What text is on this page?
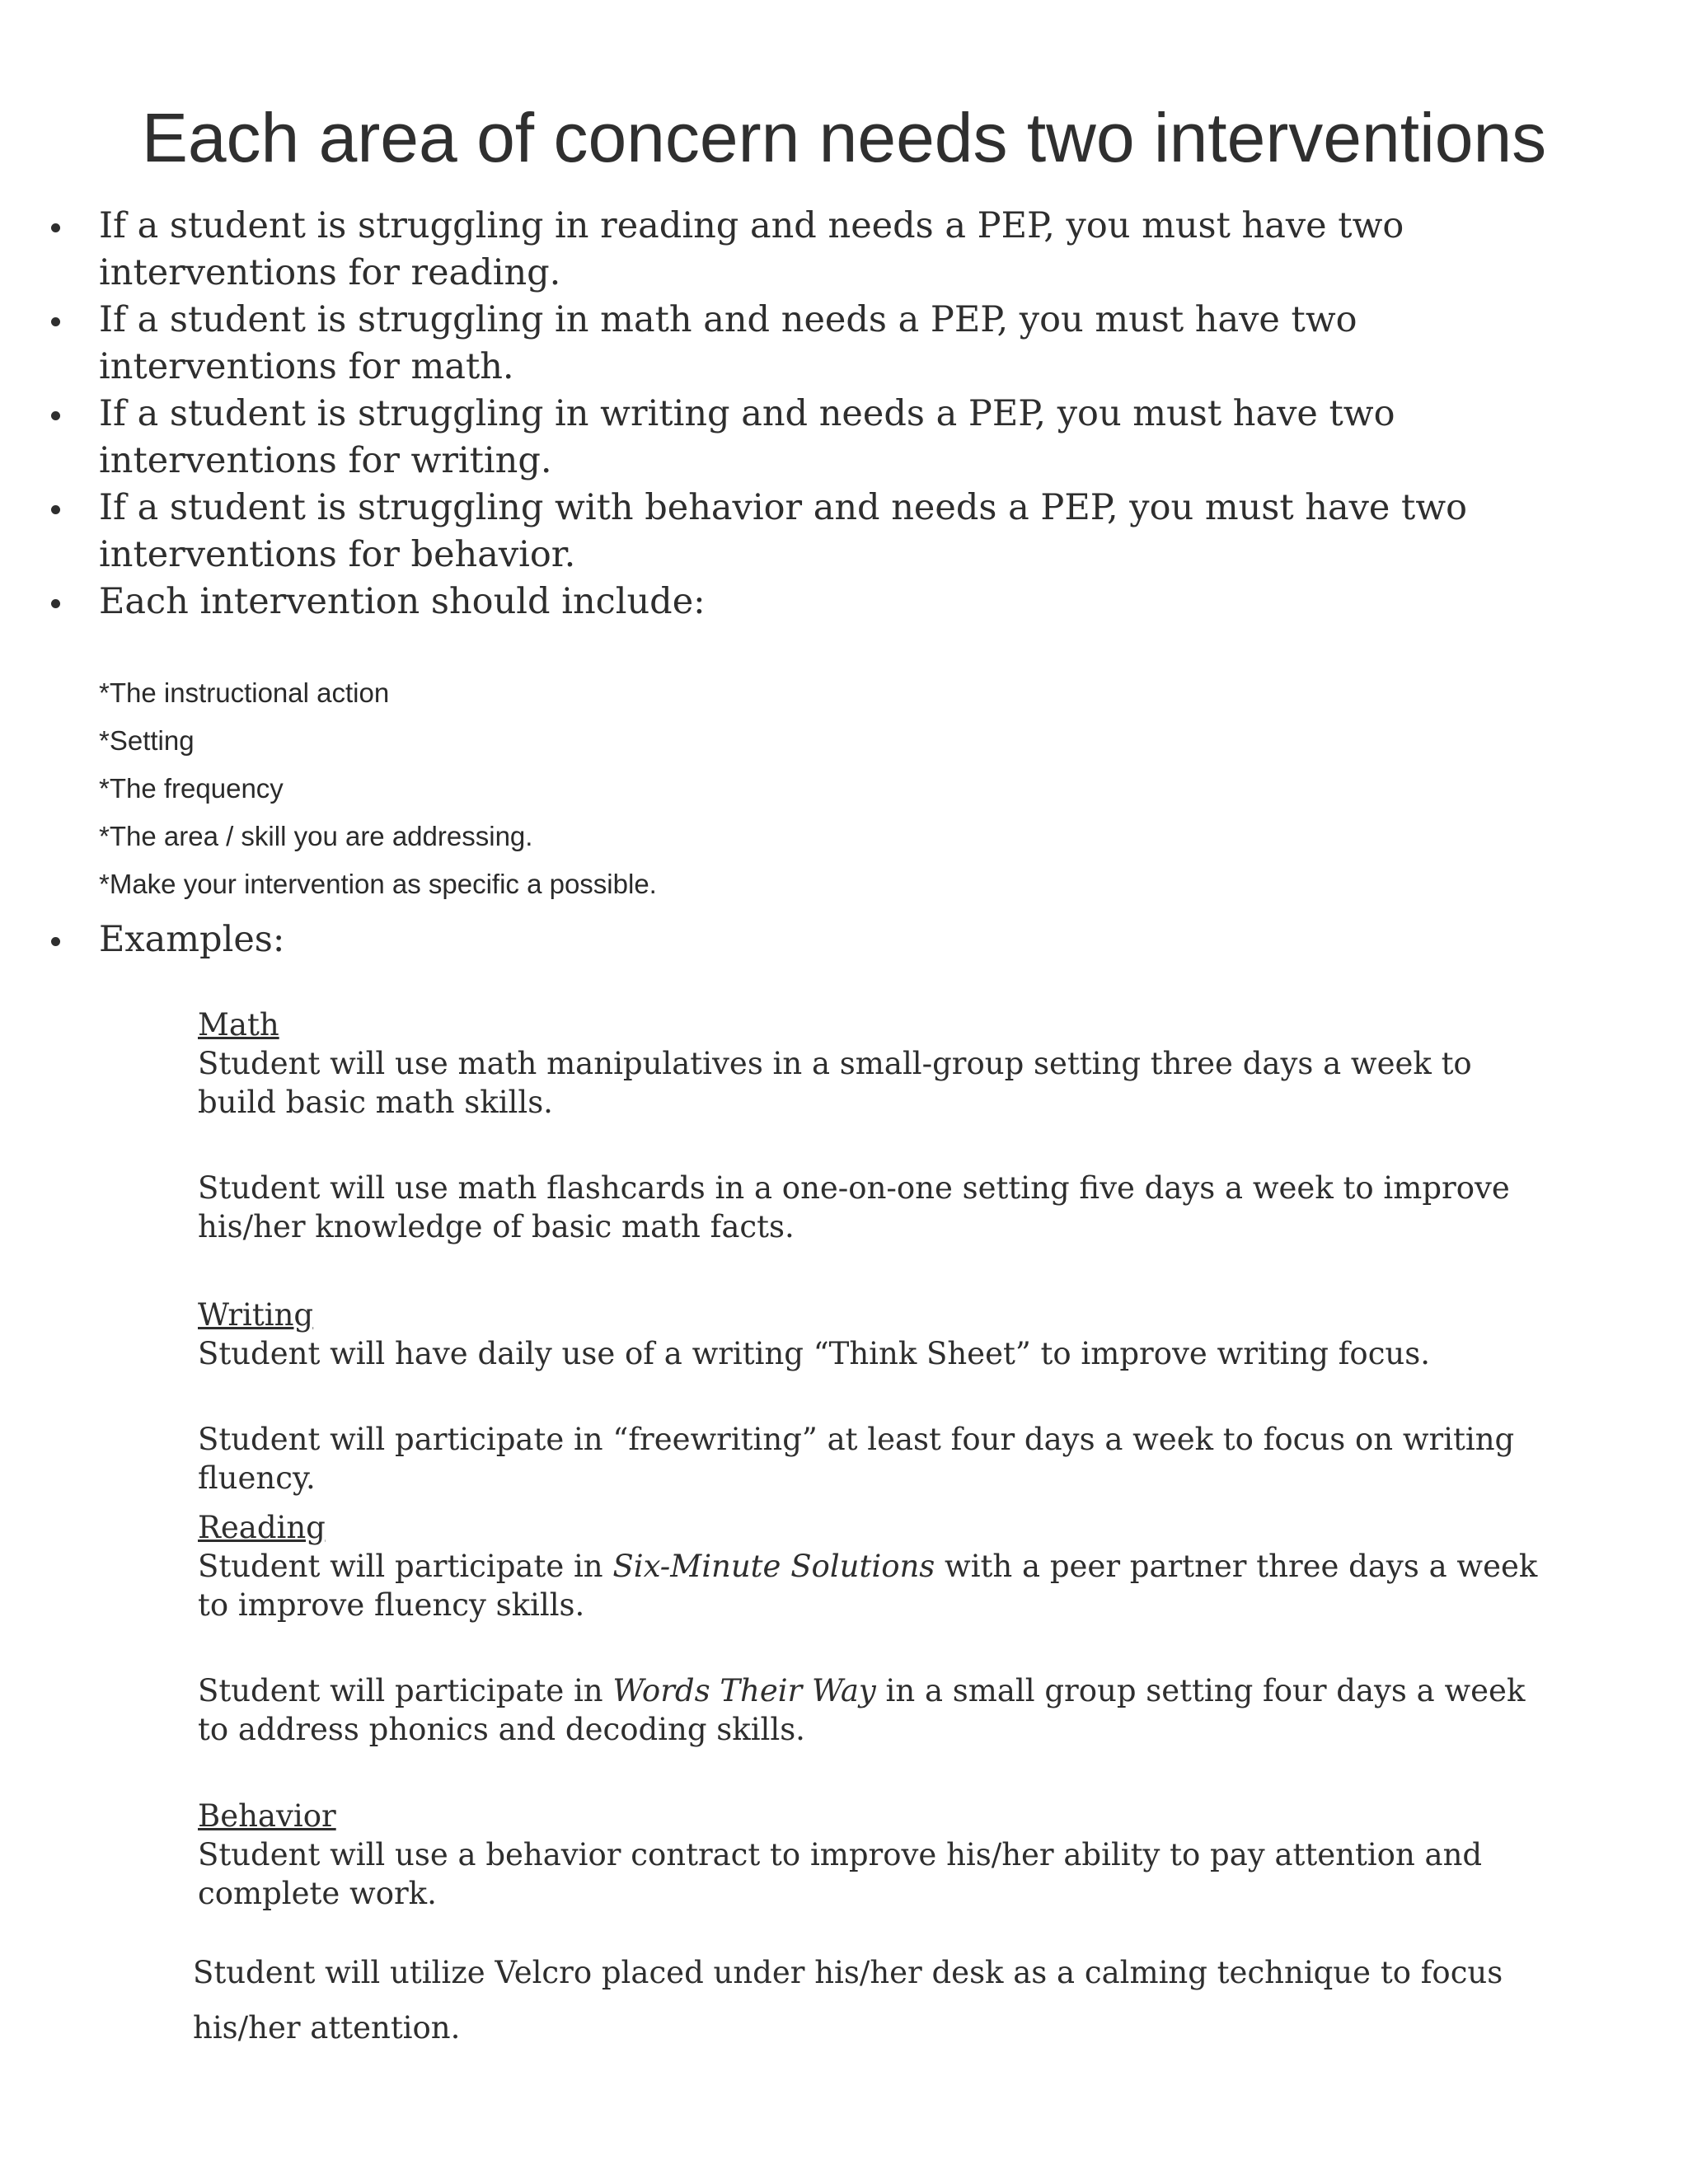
Each area of concern needs two interventions
If a student is struggling in reading and needs a PEP, you must have two interventions for reading.
If a student is struggling in math and needs a PEP, you must have two interventions for math.
If a student is struggling in writing and needs a PEP, you must have two interventions for writing.
If a student is struggling with behavior and needs a PEP, you must have two interventions for behavior.
Each intervention should include:
*The instructional action
*Setting
*The frequency
*The area / skill you are addressing.
*Make your intervention as specific a possible.
Examples:
Math

Student will use math manipulatives in a small-group setting three days a week to build basic math skills.

Student will use math flashcards in a one-on-one setting five days a week to improve his/her knowledge of basic math facts.

Writing

Student will have daily use of a writing “Think Sheet” to improve writing focus.

Student will participate in “freewriting” at least four days a week to focus on writing fluency.

Reading

Student will participate in Six-Minute Solutions with a peer partner three days a week to improve fluency skills.

Student will participate in Words Their Way in a small group setting four days a week to address phonics and decoding skills.

Behavior

Student will use a behavior contract to improve his/her ability to pay attention and complete work.

Student will utilize Velcro placed under his/her desk as a calming technique to focus his/her attention.
